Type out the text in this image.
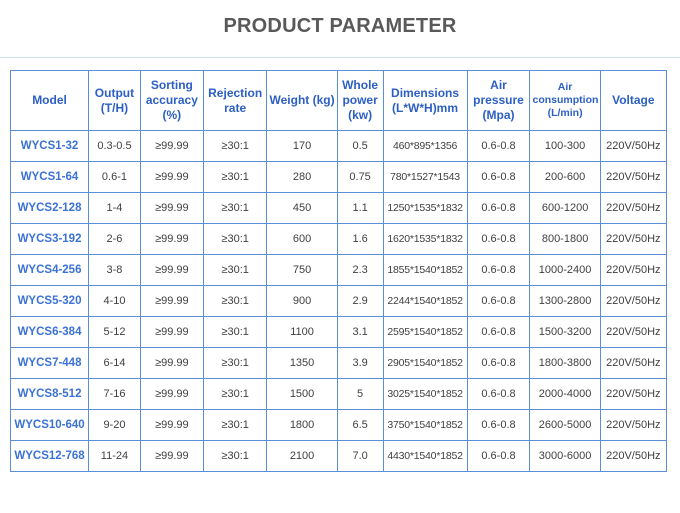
PRODUCT PARAMETER
Model	Output (T/H)	Sorting accuracy (%)	Rejection rate	Weight (kg)	Whole power (kw)	Dimensions (L*W*H)mm	Air pressure (Mpa)	Air consumption (L/min)	Voltage
WYCS1-32	0.3-0.5	≥99.99	≥30:1	170	0.5	460*895*1356	0.6-0.8	100-300	220V/50Hz
WYCS1-64	0.6-1	≥99.99	≥30:1	280	0.75	780*1527*1543	0.6-0.8	200-600	220V/50Hz
WYCS2-128	1-4	≥99.99	≥30:1	450	1.1	1250*1535*1832	0.6-0.8	600-1200	220V/50Hz
WYCS3-192	2-6	≥99.99	≥30:1	600	1.6	1620*1535*1832	0.6-0.8	800-1800	220V/50Hz
WYCS4-256	3-8	≥99.99	≥30:1	750	2.3	1855*1540*1852	0.6-0.8	1000-2400	220V/50Hz
WYCS5-320	4-10	≥99.99	≥30:1	900	2.9	2244*1540*1852	0.6-0.8	1300-2800	220V/50Hz
WYCS6-384	5-12	≥99.99	≥30:1	1100	3.1	2595*1540*1852	0.6-0.8	1500-3200	220V/50Hz
WYCS7-448	6-14	≥99.99	≥30:1	1350	3.9	2905*1540*1852	0.6-0.8	1800-3800	220V/50Hz
WYCS8-512	7-16	≥99.99	≥30:1	1500	5	3025*1540*1852	0.6-0.8	2000-4000	220V/50Hz
WYCS10-640	9-20	≥99.99	≥30:1	1800	6.5	3750*1540*1852	0.6-0.8	2600-5000	220V/50Hz
WYCS12-768	11-24	≥99.99	≥30:1	2100	7.0	4430*1540*1852	0.6-0.8	3000-6000	220V/50Hz
